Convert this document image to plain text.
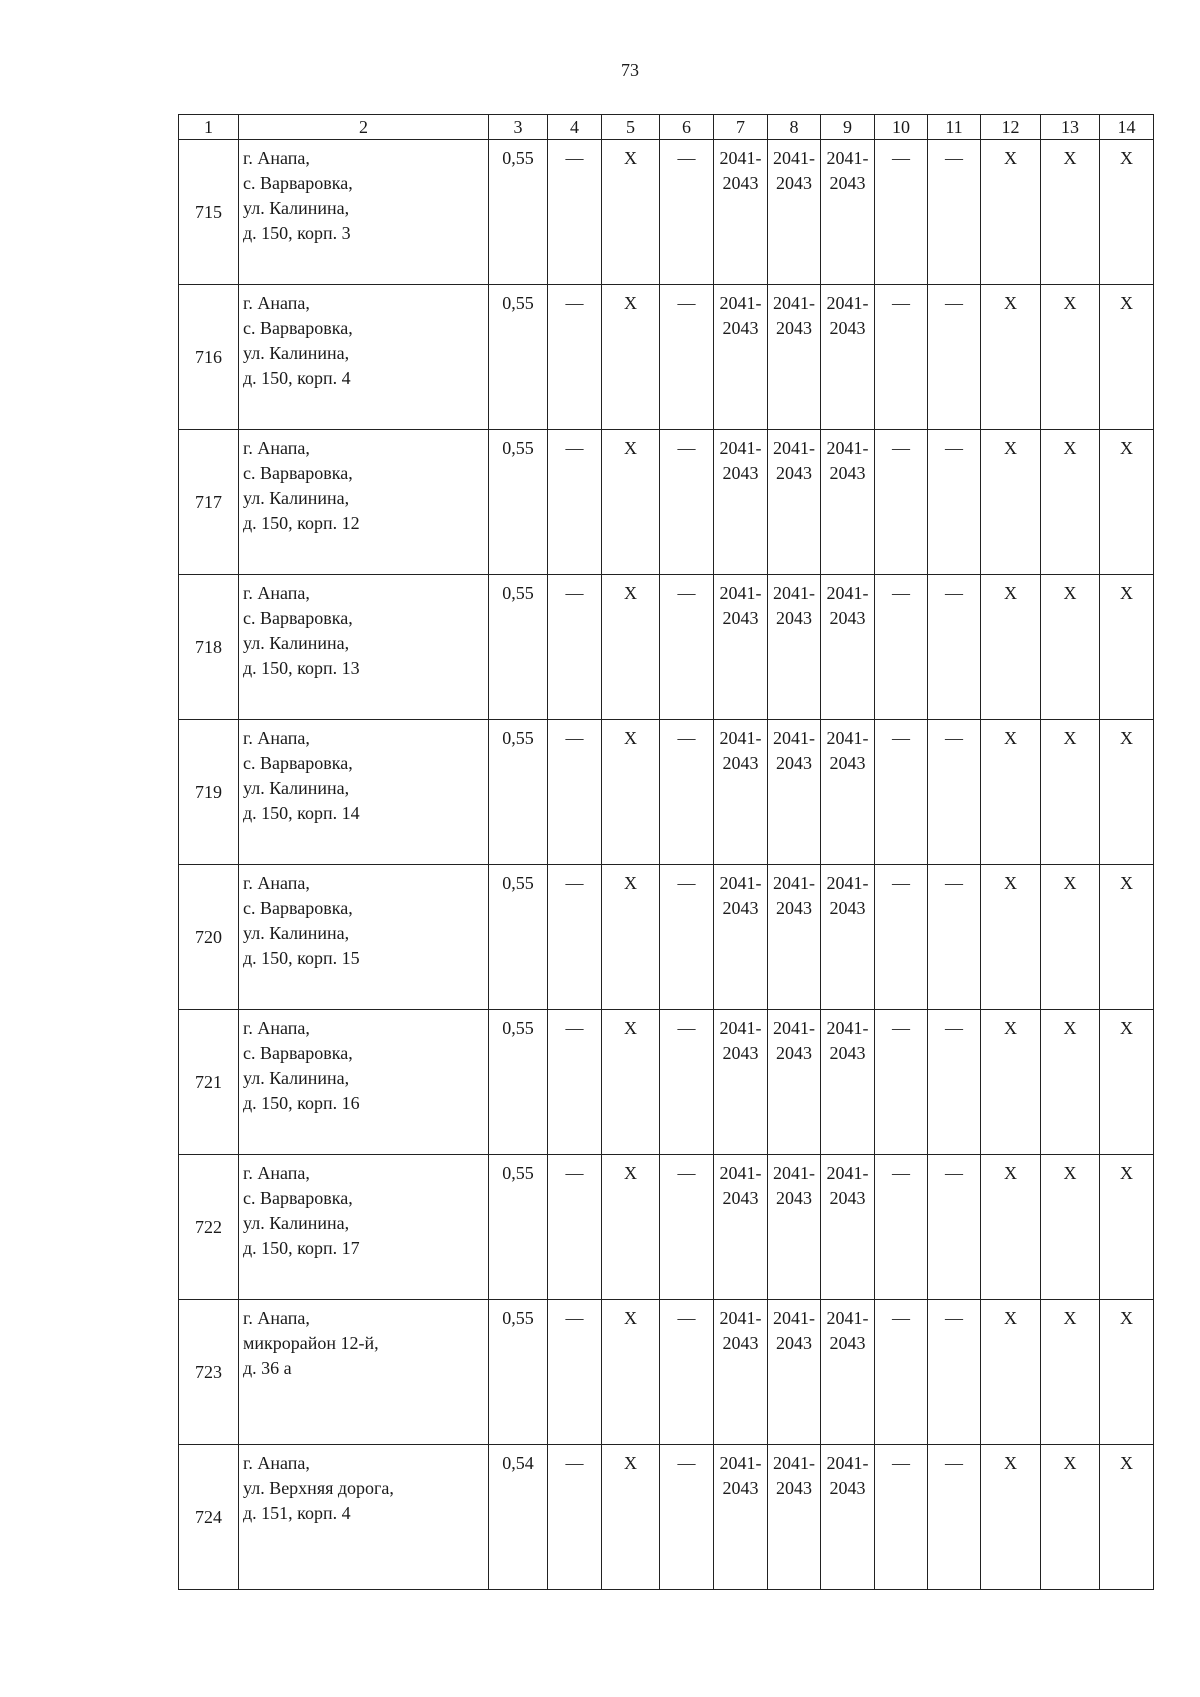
73
1	2	3	4	5	6	7	8	9	10	11	12	13	14
715	г. Анапа,
с. Варваровка,
ул. Калинина,
д. 150, корп. 3	0,55	—	Х	—	2041-
2043	2041-
2043	2041-
2043	—	—	Х	Х	Х
716	г. Анапа,
с. Варваровка,
ул. Калинина,
д. 150, корп. 4	0,55	—	Х	—	2041-
2043	2041-
2043	2041-
2043	—	—	Х	Х	Х
717	г. Анапа,
с. Варваровка,
ул. Калинина,
д. 150, корп. 12	0,55	—	Х	—	2041-
2043	2041-
2043	2041-
2043	—	—	Х	Х	Х
718	г. Анапа,
с. Варваровка,
ул. Калинина,
д. 150, корп. 13	0,55	—	Х	—	2041-
2043	2041-
2043	2041-
2043	—	—	Х	Х	Х
719	г. Анапа,
с. Варваровка,
ул. Калинина,
д. 150, корп. 14	0,55	—	Х	—	2041-
2043	2041-
2043	2041-
2043	—	—	Х	Х	Х
720	г. Анапа,
с. Варваровка,
ул. Калинина,
д. 150, корп. 15	0,55	—	Х	—	2041-
2043	2041-
2043	2041-
2043	—	—	Х	Х	Х
721	г. Анапа,
с. Варваровка,
ул. Калинина,
д. 150, корп. 16	0,55	—	Х	—	2041-
2043	2041-
2043	2041-
2043	—	—	Х	Х	Х
722	г. Анапа,
с. Варваровка,
ул. Калинина,
д. 150, корп. 17	0,55	—	Х	—	2041-
2043	2041-
2043	2041-
2043	—	—	Х	Х	Х
723	г. Анапа,
микрорайон 12-й,
д. 36 а	0,55	—	Х	—	2041-
2043	2041-
2043	2041-
2043	—	—	Х	Х	Х
724	г. Анапа,
ул. Верхняя дорога,
д. 151, корп. 4	0,54	—	Х	—	2041-
2043	2041-
2043	2041-
2043	—	—	Х	Х	Х
